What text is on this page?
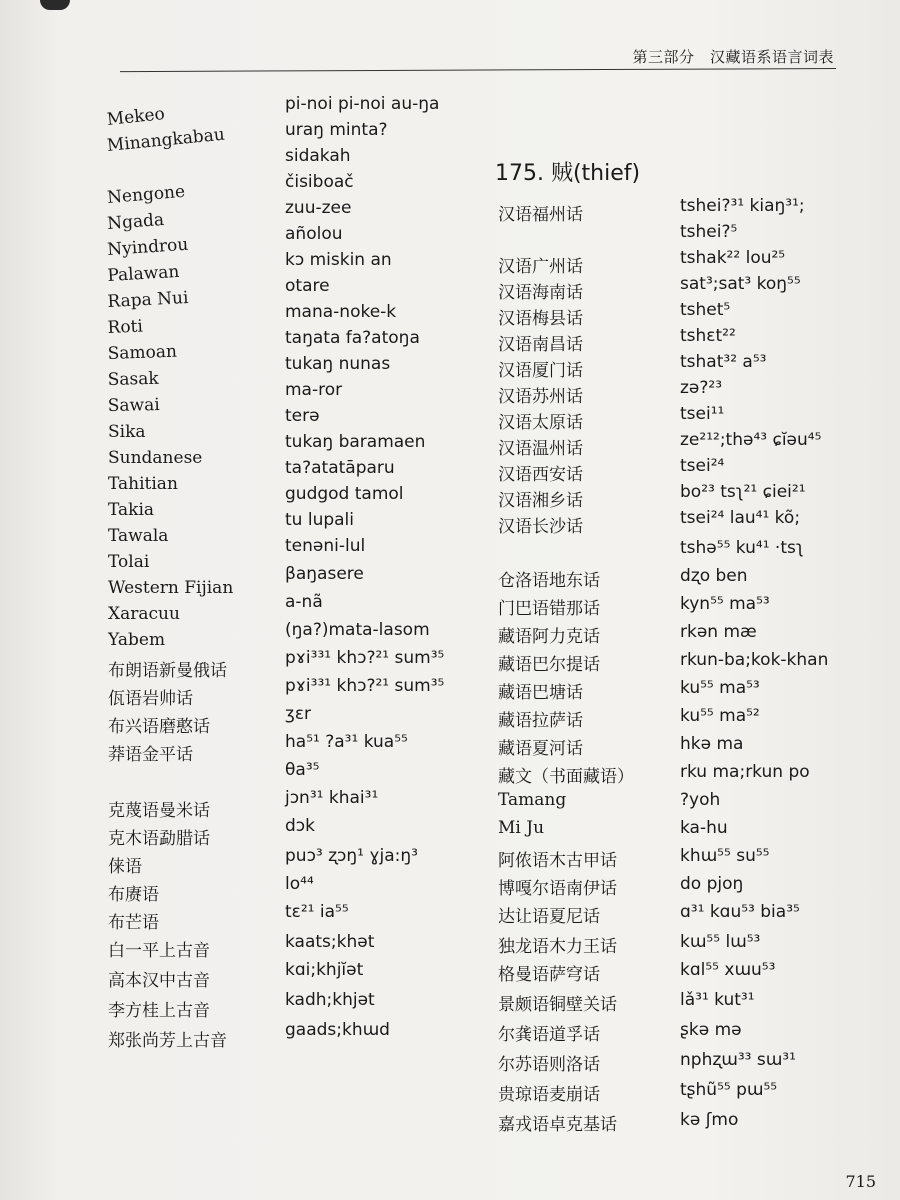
第三部分　汉藏语系语言词表
Mekeo
Minangkabau
Nengone
Ngada
Nyindrou
Palawan
Rapa Nui
Roti
Samoan
Sasak
Sawai
Sika
Sundanese
Tahitian
Takia
Tawala
Tolai
Western Fijian
Xaracuu
Yabem
布朗语新曼俄话
佤语岩帅话
布兴语磨憨话
莽语金平话
克蔑语曼米话
克木语勐腊话
俫语
布赓语
布芒语
白一平上古音
高本汉中古音
李方桂上古音
郑张尚芳上古音
pi-noi pi-noi au-ŋa
uraŋ minta?
sidakah
čisiboač
zuu-zee
añolou
kɔ miskin an
otare
mana-noke-k
taŋata fa?atoŋa
tukaŋ nunas
ma-ror
terə
tukaŋ baramaen
ta?atatāparu
gudgod tamol
tu lupali
tenəni-lul
βaŋasere
a-nã
(ŋa?)mata-lasom
pɤi³³¹ khɔ?²¹ sum³⁵
pɤi³³¹ khɔ?²¹ sum³⁵
ʒɛr
ha⁵¹ ?a³¹ kua⁵⁵
θa³⁵
jɔn³¹ khai³¹
dɔk
puɔ³ ʐɔŋ¹ ɣja:ŋ³
lo⁴⁴
tɛ²¹ ia⁵⁵
kaats;khət
kɑi;khjĭət
kadh;khjət
gaads;khɯd
175. 贼(thief)
汉语福州话
汉语广州话
汉语海南话
汉语梅县话
汉语南昌话
汉语厦门话
汉语苏州话
汉语太原话
汉语温州话
汉语西安话
汉语湘乡话
汉语长沙话
仓洛语地东话
门巴语错那话
藏语阿力克话
藏语巴尔提话
藏语巴塘话
藏语拉萨话
藏语夏河话
藏文（书面藏语）
Tamang
Mi Ju
阿侬语木古甲话
博嘎尔语南伊话
达让语夏尼话
独龙语木力王话
格曼语萨穹话
景颇语铜壁关话
尔龚语道孚话
尔苏语则洛话
贵琼语麦崩话
嘉戎语卓克基话
tshei?³¹ kiaŋ³¹;
tshei?⁵
tshak²² lou²⁵
sat³;sat³ koŋ⁵⁵
tshet⁵
tshɛt²²
tshat³² a⁵³
zə?²³
tsei¹¹
ze²¹²;thə⁴³ ɕĭəu⁴⁵
tsei²⁴
bo²³ tsʅ²¹ ɕiei²¹
tsei²⁴ lau⁴¹ kõ;
tshə⁵⁵ ku⁴¹ ·tsʅ
dʐo ben
kyn⁵⁵ ma⁵³
rkən mæ
rkun-ba;kok-khan
ku⁵⁵ ma⁵³
ku⁵⁵ ma⁵²
hkə ma
rku ma;rkun po
?yoh
ka-hu
khɯ⁵⁵ su⁵⁵
do pjoŋ
ɑ³¹ kɑu⁵³ bia³⁵
kɯ⁵⁵ lɯ⁵³
kɑl⁵⁵ xɯu⁵³
lǎ³¹ kut³¹
ʂkə mə
nphʐɯ³³ sɯ³¹
tʂhũ⁵⁵ pɯ⁵⁵
kə ʃmo
715
